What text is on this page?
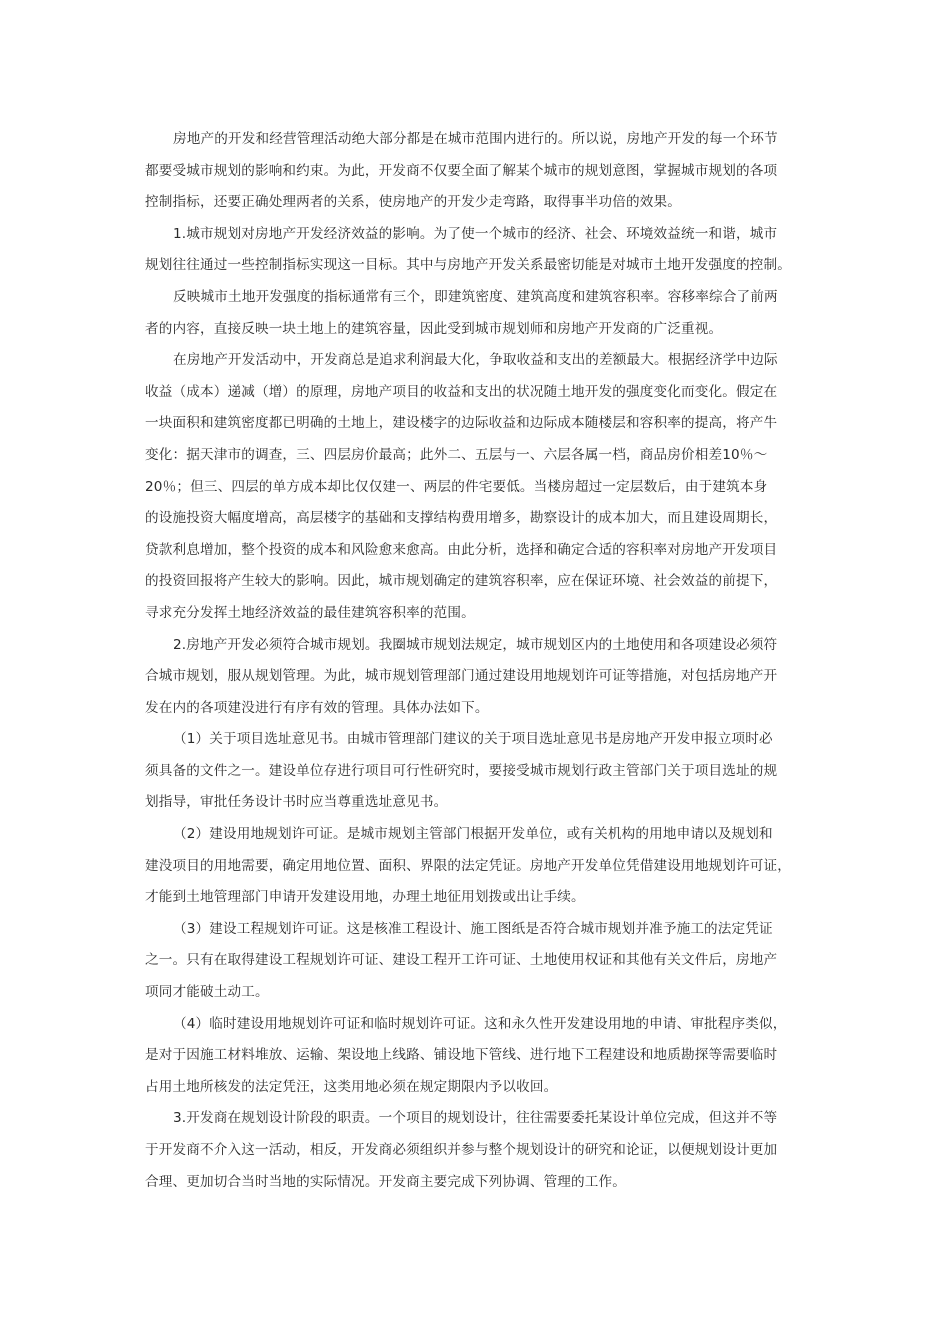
房地产的开发和经营管理活动绝大部分都是在城市范围内进行的。所以说，房地产开发的每一个环节
都要受城市规划的影响和约束。为此，开发商不仅要全面了解某个城市的规划意图，掌握城市规划的各项
控制指标，还要正确处理两者的关系，使房地产的开发少走弯路，取得事半功倍的效果。
1.城市规划对房地产开发经济效益的影响。为了使一个城市的经济、社会、环境效益统一和谐，城市
规划往往通过一些控制指标实现这一目标。其中与房地产开发关系最密切能是对城市土地开发强度的控制。
反映城市土地开发强度的指标通常有三个，即建筑密度、建筑高度和建筑容积率。容移率综合了前两
者的内容，直接反映一块土地上的建筑容量，因此受到城市规划师和房地产开发商的广泛重视。
在房地产开发活动中，开发商总是追求利润最大化，争取收益和支出的差额最大。根据经济学中边际
收益（成本）递减（增）的原理，房地产项目的收益和支出的状况随土地开发的强度变化而变化。假定在
一块面积和建筑密度都已明确的土地上，建设楼字的边际收益和边际成本随楼层和容积率的提高，将产牛
变化：据天津市的调查，三、四层房价最高；此外二、五层与一、六层各属一档，商品房价相差10％～
20％；但三、四层的单方成本却比仅仅建一、两层的件宅要低。当楼房超过一定层数后，由于建筑本身
的设施投资大幅度增高，高层楼字的基础和支撑结构费用增多，勘察设计的成本加大，而且建设周期长，
贷款利息增加，整个投资的成本和风险愈来愈高。由此分析，选择和确定合适的容积率对房地产开发项目
的投资回报将产生较大的影响。因此，城市规划确定的建筑容积率，应在保证环境、社会效益的前提下，
寻求充分发挥土地经济效益的最佳建筑容积率的范围。
2.房地产开发必须符合城市规划。我圈城市规划法规定，城市规划区内的土地使用和各项建设必须符
合城市规划，服从规划管理。为此，城市规划管理部门通过建设用地规划许可证等措施，对包括房地产开
发在内的各项建没进行有序有效的管理。具体办法如下。
（1）关于项目选址意见书。由城市管理部门建议的关于项目选址意见书是房地产开发申报立项时必
须具备的文件之一。建设单位存进行项目可行性研究时，要接受城市规划行政主管部门关于项目选址的规
划指导，审批任务设计书时应当尊重选址意见书。
（2）建设用地规划许可证。是城市规划主管部门根据开发单位，或有关机构的用地申请以及规划和
建没项目的用地需要，确定用地位置、面积、界限的法定凭证。房地产开发单位凭借建设用地规划许可证，
才能到土地管理部门申请开发建设用地，办理土地征用划拨或出让手续。
（3）建设工程规划许可证。这是核准工程设计、施工图纸是否符合城市规划并准予施工的法定凭证
之一。只有在取得建设工程规划许可证、建设工程开工许可证、土地使用权证和其他有关文件后，房地产
项同才能破土动工。
（4）临时建设用地规划许可证和临时规划许可证。这和永久性开发建设用地的申请、审批程序类似，
是对于因施工材料堆放、运输、架设地上线路、铺设地下管线、进行地下工程建设和地质勘探等需要临时
占用土地所核发的法定凭汪，这类用地必须在规定期限内予以收回。
3.开发商在规划设计阶段的职责。一个项目的规划设计，往往需要委托某设计单位完成，但这并不等
于开发商不介入这一活动，相反，开发商必须组织并参与整个规划设计的研究和论证，以便规划设计更加
合理、更加切合当时当地的实际情况。开发商主要完成下列协调、管理的工作。
